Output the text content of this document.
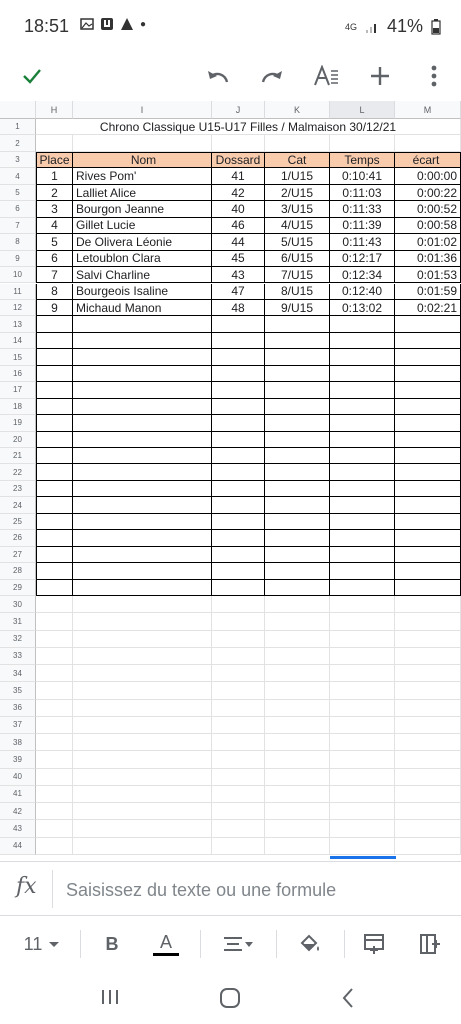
18:51	●	4G 41%
H	I	J	K	L	M
1
2
3
4
5
6
7
8
9
10
11
12
13
14
15
16
17
18
19
20
21
22
23
24
25
26
27
28
29
30
31
32
33
34
35
36
37
38
39
40
41
42
43
44
Chrono Classique U15-U17 Filles / Malmaison 30/12/21
Place	Nom	Dossard	Cat	Temps	écart
1	Rives Pom'	41	1/U15	0:10:41	0:00:00
2	Lalliet Alice	42	2/U15	0:11:03	0:00:22
3	Bourgon Jeanne	40	3/U15	0:11:33	0:00:52
4	Gillet Lucie	46	4/U15	0:11:39	0:00:58
5	De Olivera Léonie	44	5/U15	0:11:43	0:01:02
6	Letoublon Clara	45	6/U15	0:12:17	0:01:36
7	Salvi Charline	43	7/U15	0:12:34	0:01:53
8	Bourgeois Isaline	47	8/U15	0:12:40	0:01:59
9	Michaud Manon	48	9/U15	0:13:02	0:02:21
fx Saisissez du texte ou une formule
11	B	A
